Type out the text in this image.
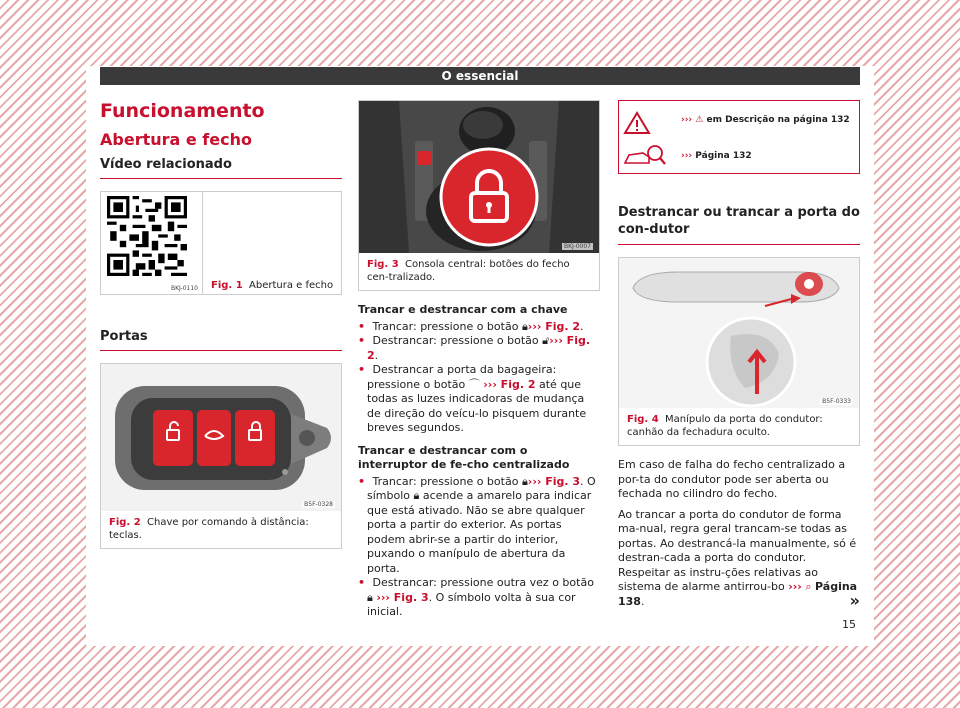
O essencial
Funcionamento
Abertura e fecho
Vídeo relacionado
BKJ-0110	Fig. 1 Abertura e fecho
Portas
B5F-0328
Fig. 2 Chave por comando à distância: teclas.
BKJ-0007
Fig. 3 Consola central: botões do fecho cen-tralizado.
Trancar e destrancar com a chave
• Trancar: pressione o botão 🔒︎››› Fig. 2.
• Destrancar: pressione o botão 🔓︎››› Fig. 2.
• Destrancar a porta da bagageira: pressione o botão ⌒ ››› Fig. 2 até que todas as luzes indicadoras de mudança de direção do veícu-lo pisquem durante breves segundos.
Trancar e destrancar com o interruptor de fe-cho centralizado
• Trancar: pressione o botão 🔒︎››› Fig. 3. O símbolo 🔒︎ acende a amarelo para indicar que está ativado. Não se abre qualquer porta a partir do exterior. As portas podem abrir-se a partir do interior, puxando o manípulo de abertura da porta.
• Destrancar: pressione outra vez o botão 🔒︎ ››› Fig. 3. O símbolo volta à sua cor inicial.
››› ⚠ em Descrição na página 132
››› Página 132
Destrancar ou trancar a porta do con-dutor
B5F-0333
Fig. 4 Manípulo da porta do condutor: canhão da fechadura oculto.
Em caso de falha do fecho centralizado a por-ta do condutor pode ser aberta ou fechada no cilindro do fecho.
Ao trancar a porta do condutor de forma ma-nual, regra geral trancam-se todas as portas. Ao destrancá-la manualmente, só é destran-cada a porta do condutor. Respeitar as instru-ções relativas ao sistema de alarme antirrou-bo ››› ⌕ Página 138.	»
15
